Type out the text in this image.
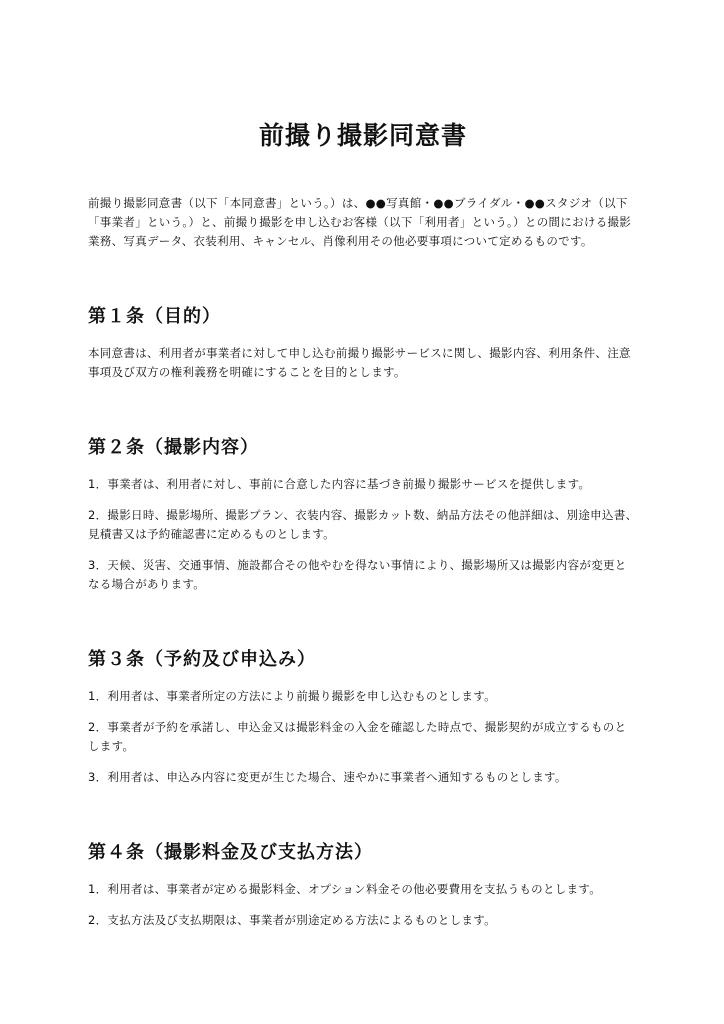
前撮り撮影同意書

前撮り撮影同意書（以下「本同意書」という。）は、●●写真館・●●ブライダル・●●スタジオ（以下「事業者」という。）と、前撮り撮影を申し込むお客様（以下「利用者」という。）との間における撮影業務、写真データ、衣装利用、キャンセル、肖像利用その他必要事項について定めるものです。

第１条（目的）

本同意書は、利用者が事業者に対して申し込む前撮り撮影サービスに関し、撮影内容、利用条件、注意事項及び双方の権利義務を明確にすることを目的とします。

第２条（撮影内容）

1．事業者は、利用者に対し、事前に合意した内容に基づき前撮り撮影サービスを提供します。

2．撮影日時、撮影場所、撮影プラン、衣装内容、撮影カット数、納品方法その他詳細は、別途申込書、見積書又は予約確認書に定めるものとします。

3．天候、災害、交通事情、施設都合その他やむを得ない事情により、撮影場所又は撮影内容が変更となる場合があります。

第３条（予約及び申込み）

1．利用者は、事業者所定の方法により前撮り撮影を申し込むものとします。

2．事業者が予約を承諾し、申込金又は撮影料金の入金を確認した時点で、撮影契約が成立するものとします。

3．利用者は、申込み内容に変更が生じた場合、速やかに事業者へ通知するものとします。

第４条（撮影料金及び支払方法）

1．利用者は、事業者が定める撮影料金、オプション料金その他必要費用を支払うものとします。

2．支払方法及び支払期限は、事業者が別途定める方法によるものとします。
